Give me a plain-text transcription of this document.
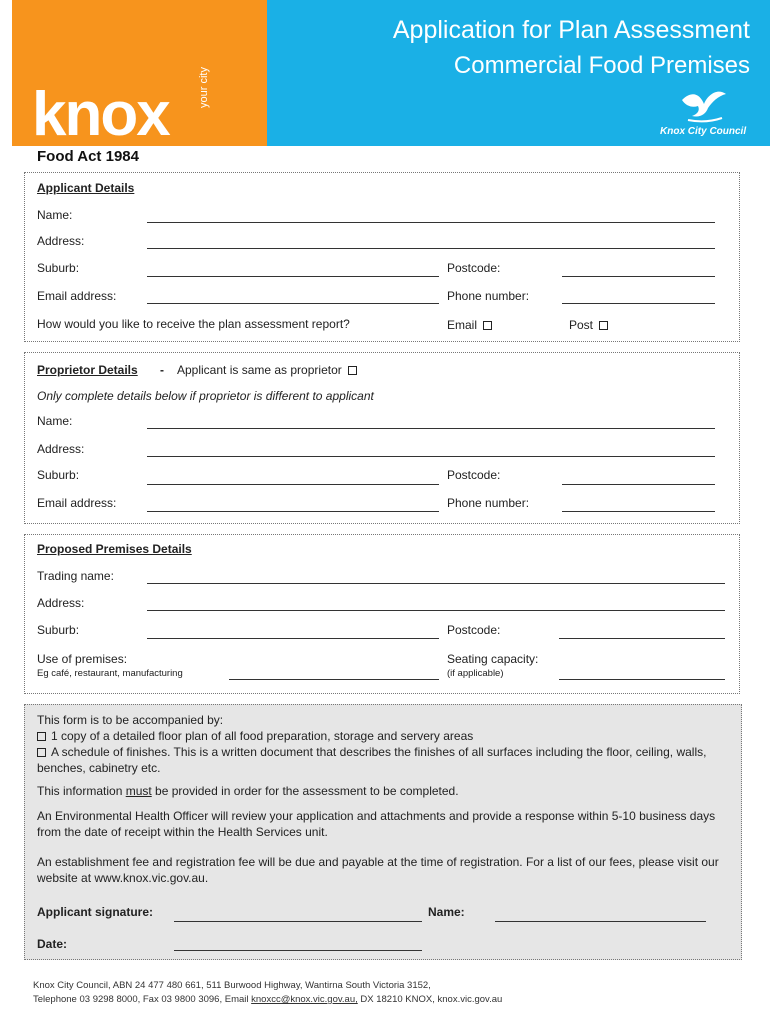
knox	your city
Application for Plan Assessment
Commercial Food Premises
Knox City Council
Food Act 1984
Applicant Details
Name:
Address:
Suburb:	Postcode:
Email address:	Phone number:
How would you like to receive the plan assessment report?	Email	Post
Proprietor Details - Applicant is same as proprietor
Only complete details below if proprietor is different to applicant
Name:
Address:
Suburb:	Postcode:
Email address:	Phone number:
Proposed Premises Details
Trading name:
Address:
Suburb:	Postcode:
Use of premises:
Eg café, restaurant, manufacturing
Seating capacity:
(if applicable)
This form is to be accompanied by:
1 copy of a detailed floor plan of all food preparation, storage and servery areas
A schedule of finishes. This is a written document that describes the finishes of all surfaces including the floor, ceiling, walls, benches, cabinetry etc.
This information must be provided in order for the assessment to be completed.
An Environmental Health Officer will review your application and attachments and provide a response within 5-10 business days from the date of receipt within the Health Services unit.
An establishment fee and registration fee will be due and payable at the time of registration. For a list of our fees, please visit our website at www.knox.vic.gov.au.
Applicant signature:	Name:
Date:
Knox City Council, ABN 24 477 480 661, 511 Burwood Highway, Wantirna South Victoria 3152,
Telephone 03 9298 8000, Fax 03 9800 3096, Email knoxcc@knox.vic.gov.au, DX 18210 KNOX, knox.vic.gov.au
